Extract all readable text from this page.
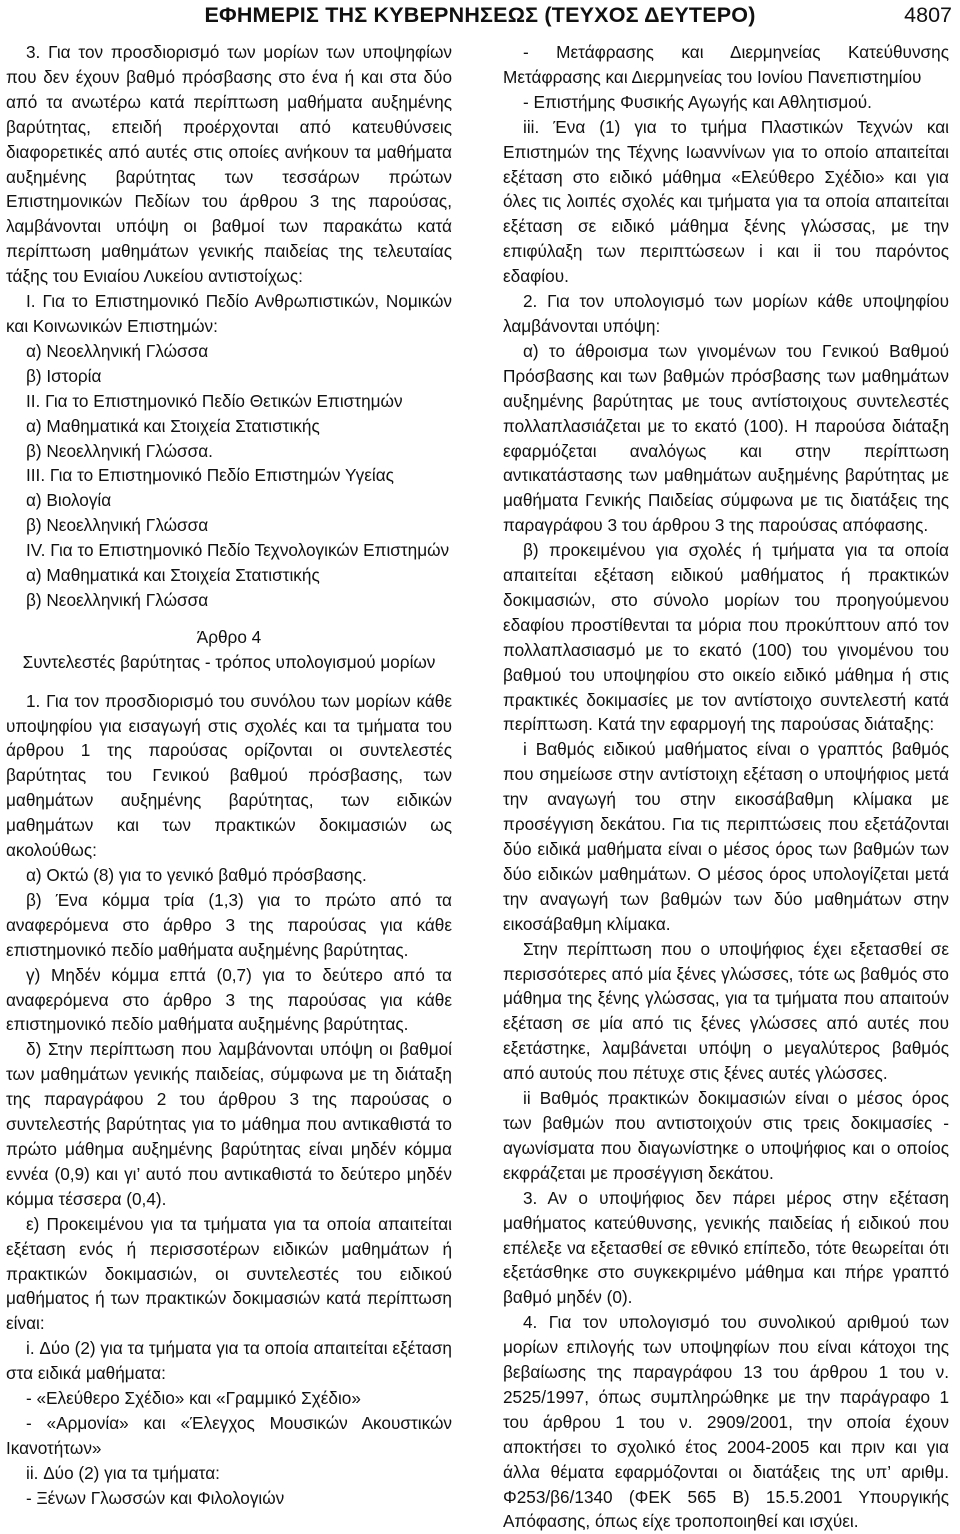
ΕΦΗΜΕΡΙΣ ΤΗΣ ΚΥΒΕΡΝΗΣΕΩΣ (ΤΕΥΧΟΣ ΔΕΥΤΕΡΟ)	4807

3. Για τον προσδιορισμό των μορίων των υποψηφίων που δεν έχουν βαθμό πρόσβασης στο ένα ή και στα δύο από τα ανωτέρω κατά περίπτωση μαθήματα αυξημένης βαρύτητας, επειδή προέρχονται από κατευθύνσεις διαφορετικές από αυτές στις οποίες ανήκουν τα μαθήματα αυξημένης βαρύτητας των τεσσάρων πρώτων Επιστημονικών Πεδίων του άρθρου 3 της παρούσας, λαμβάνονται υπόψη οι βαθμοί των παρακάτω κατά περίπτωση μαθημάτων γενικής παιδείας της τελευταίας τάξης του Ενιαίου Λυκείου αντιστοίχως:

I. Για το Επιστημονικό Πεδίο Ανθρωπιστικών, Νομικών και Κοινωνικών Επιστημών:

α) Νεοελληνική Γλώσσα

β) Ιστορία

II. Για το Επιστημονικό Πεδίο Θετικών Επιστημών

α) Μαθηματικά και Στοιχεία Στατιστικής

β) Νεοελληνική Γλώσσα.

III. Για το Επιστημονικό Πεδίο Επιστημών Υγείας

α) Βιολογία

β) Νεοελληνική Γλώσσα

IV. Για το Επιστημονικό Πεδίο Τεχνολογικών Επιστημών

α) Μαθηματικά και Στοιχεία Στατιστικής

β) Νεοελληνική Γλώσσα

Άρθρο 4

Συντελεστές βαρύτητας - τρόπος υπολογισμού μορίων

1. Για τον προσδιορισμό του συνόλου των μορίων κάθε υποψηφίου για εισαγωγή στις σχολές και τα τμήματα του άρθρου 1 της παρούσας ορίζονται οι συντελεστές βαρύτητας του Γενικού βαθμού πρόσβασης, των μαθημάτων αυξημένης βαρύτητας, των ειδικών μαθημάτων και των πρακτικών δοκιμασιών ως ακολούθως:

α) Οκτώ (8) για το γενικό βαθμό πρόσβασης.

β) Ένα κόμμα τρία (1,3) για το πρώτο από τα αναφερόμενα στο άρθρο 3 της παρούσας για κάθε επιστημονικό πεδίο μαθήματα αυξημένης βαρύτητας.

γ) Μηδέν κόμμα επτά (0,7) για το δεύτερο από τα αναφερόμενα στο άρθρο 3 της παρούσας για κάθε επιστημονικό πεδίο μαθήματα αυξημένης βαρύτητας.

δ) Στην περίπτωση που λαμβάνονται υπόψη οι βαθμοί των μαθημάτων γενικής παιδείας, σύμφωνα με τη διάταξη της παραγράφου 2 του άρθρου 3 της παρούσας ο συντελεστής βαρύτητας για το μάθημα που αντικαθιστά το πρώτο μάθημα αυξημένης βαρύτητας είναι μηδέν κόμμα εννέα (0,9) και γι’ αυτό που αντικαθιστά το δεύτερο μηδέν κόμμα τέσσερα (0,4).

ε) Προκειμένου για τα τμήματα για τα οποία απαιτείται εξέταση ενός ή περισσοτέρων ειδικών μαθημάτων ή πρακτικών δοκιμασιών, οι συντελεστές του ειδικού μαθήματος ή των πρακτικών δοκιμασιών κατά περίπτωση είναι:

i. Δύο (2) για τα τμήματα για τα οποία απαιτείται εξέταση στα ειδικά μαθήματα:

- «Ελεύθερο Σχέδιο» και «Γραμμικό Σχέδιο»

- «Αρμονία» και «Έλεγχος Μουσικών Ακουστικών Ικανοτήτων»

ii. Δύο (2) για τα τμήματα:

- Ξένων Γλωσσών και Φιλολογιών

- Μετάφρασης και Διερμηνείας Κατεύθυνσης Μετάφρασης και Διερμηνείας του Ιονίου Πανεπιστημίου

- Επιστήμης Φυσικής Αγωγής και Αθλητισμού.

iii. Ένα (1) για το τμήμα Πλαστικών Τεχνών και Επιστημών της Τέχνης Ιωαννίνων για το οποίο απαιτείται εξέταση στο ειδικό μάθημα «Ελεύθερο Σχέδιο» και για όλες τις λοιπές σχολές και τμήματα για τα οποία απαιτείται εξέταση σε ειδικό μάθημα ξένης γλώσσας, με την επιφύλαξη των περιπτώσεων i και ii του παρόντος εδαφίου.

2. Για τον υπολογισμό των μορίων κάθε υποψηφίου λαμβάνονται υπόψη:

α) το άθροισμα των γινομένων του Γενικού Βαθμού Πρόσβασης και των βαθμών πρόσβασης των μαθημάτων αυξημένης βαρύτητας με τους αντίστοιχους συντελεστές πολλαπλασιάζεται με το εκατό (100). Η παρούσα διάταξη εφαρμόζεται αναλόγως και στην περίπτωση αντικατάστασης των μαθημάτων αυξημένης βαρύτητας με μαθήματα Γενικής Παιδείας σύμφωνα με τις διατάξεις της παραγράφου 3 του άρθρου 3 της παρούσας απόφασης.

β) προκειμένου για σχολές ή τμήματα για τα οποία απαιτείται εξέταση ειδικού μαθήματος ή πρακτικών δοκιμασιών, στο σύνολο μορίων του προηγούμενου εδαφίου προστίθενται τα μόρια που προκύπτουν από τον πολλαπλασιασμό με το εκατό (100) του γινομένου του βαθμού του υποψηφίου στο οικείο ειδικό μάθημα ή στις πρακτικές δοκιμασίες με τον αντίστοιχο συντελεστή κατά περίπτωση. Κατά την εφαρμογή της παρούσας διάταξης:

i Βαθμός ειδικού μαθήματος είναι ο γραπτός βαθμός που σημείωσε στην αντίστοιχη εξέταση ο υποψήφιος μετά την αναγωγή του στην εικοσάβαθμη κλίμακα με προσέγγιση δεκάτου. Για τις περιπτώσεις που εξετάζονται δύο ειδικά μαθήματα είναι ο μέσος όρος των βαθμών των δύο ειδικών μαθημάτων. Ο μέσος όρος υπολογίζεται μετά την αναγωγή των βαθμών των δύο μαθημάτων στην εικοσάβαθμη κλίμακα.

Στην περίπτωση που ο υποψήφιος έχει εξετασθεί σε περισσότερες από μία ξένες γλώσσες, τότε ως βαθμός στο μάθημα της ξένης γλώσσας, για τα τμήματα που απαιτούν εξέταση σε μία από τις ξένες γλώσσες από αυτές που εξετάστηκε, λαμβάνεται υπόψη ο μεγαλύτερος βαθμός από αυτούς που πέτυχε στις ξένες αυτές γλώσσες.

ii Βαθμός πρακτικών δοκιμασιών είναι ο μέσος όρος των βαθμών που αντιστοιχούν στις τρεις δοκιμασίες - αγωνίσματα που διαγωνίστηκε ο υποψήφιος και ο οποίος εκφράζεται με προσέγγιση δεκάτου.

3. Αν ο υποψήφιος δεν πάρει μέρος στην εξέταση μαθήματος κατεύθυνσης, γενικής παιδείας ή ειδικού που επέλεξε να εξετασθεί σε εθνικό επίπεδο, τότε θεωρείται ότι εξετάσθηκε στο συγκεκριμένο μάθημα και πήρε γραπτό βαθμό μηδέν (0).

4. Για τον υπολογισμό του συνολικού αριθμού των μορίων επιλογής των υποψηφίων που είναι κάτοχοι της βεβαίωσης της παραγράφου 13 του άρθρου 1 του ν. 2525/1997, όπως συμπληρώθηκε με την παράγραφο 1 του άρθρου 1 του ν. 2909/2001, την οποία έχουν αποκτήσει το σχολικό έτος 2004-2005 και πριν και για άλλα θέματα εφαρμόζονται οι διατάξεις της υπ’ αριθμ. Φ253/β6/1340 (ΦΕΚ 565 Β) 15.5.2001 Υπουργικής Απόφασης, όπως είχε τροποποιηθεί και ισχύει.
